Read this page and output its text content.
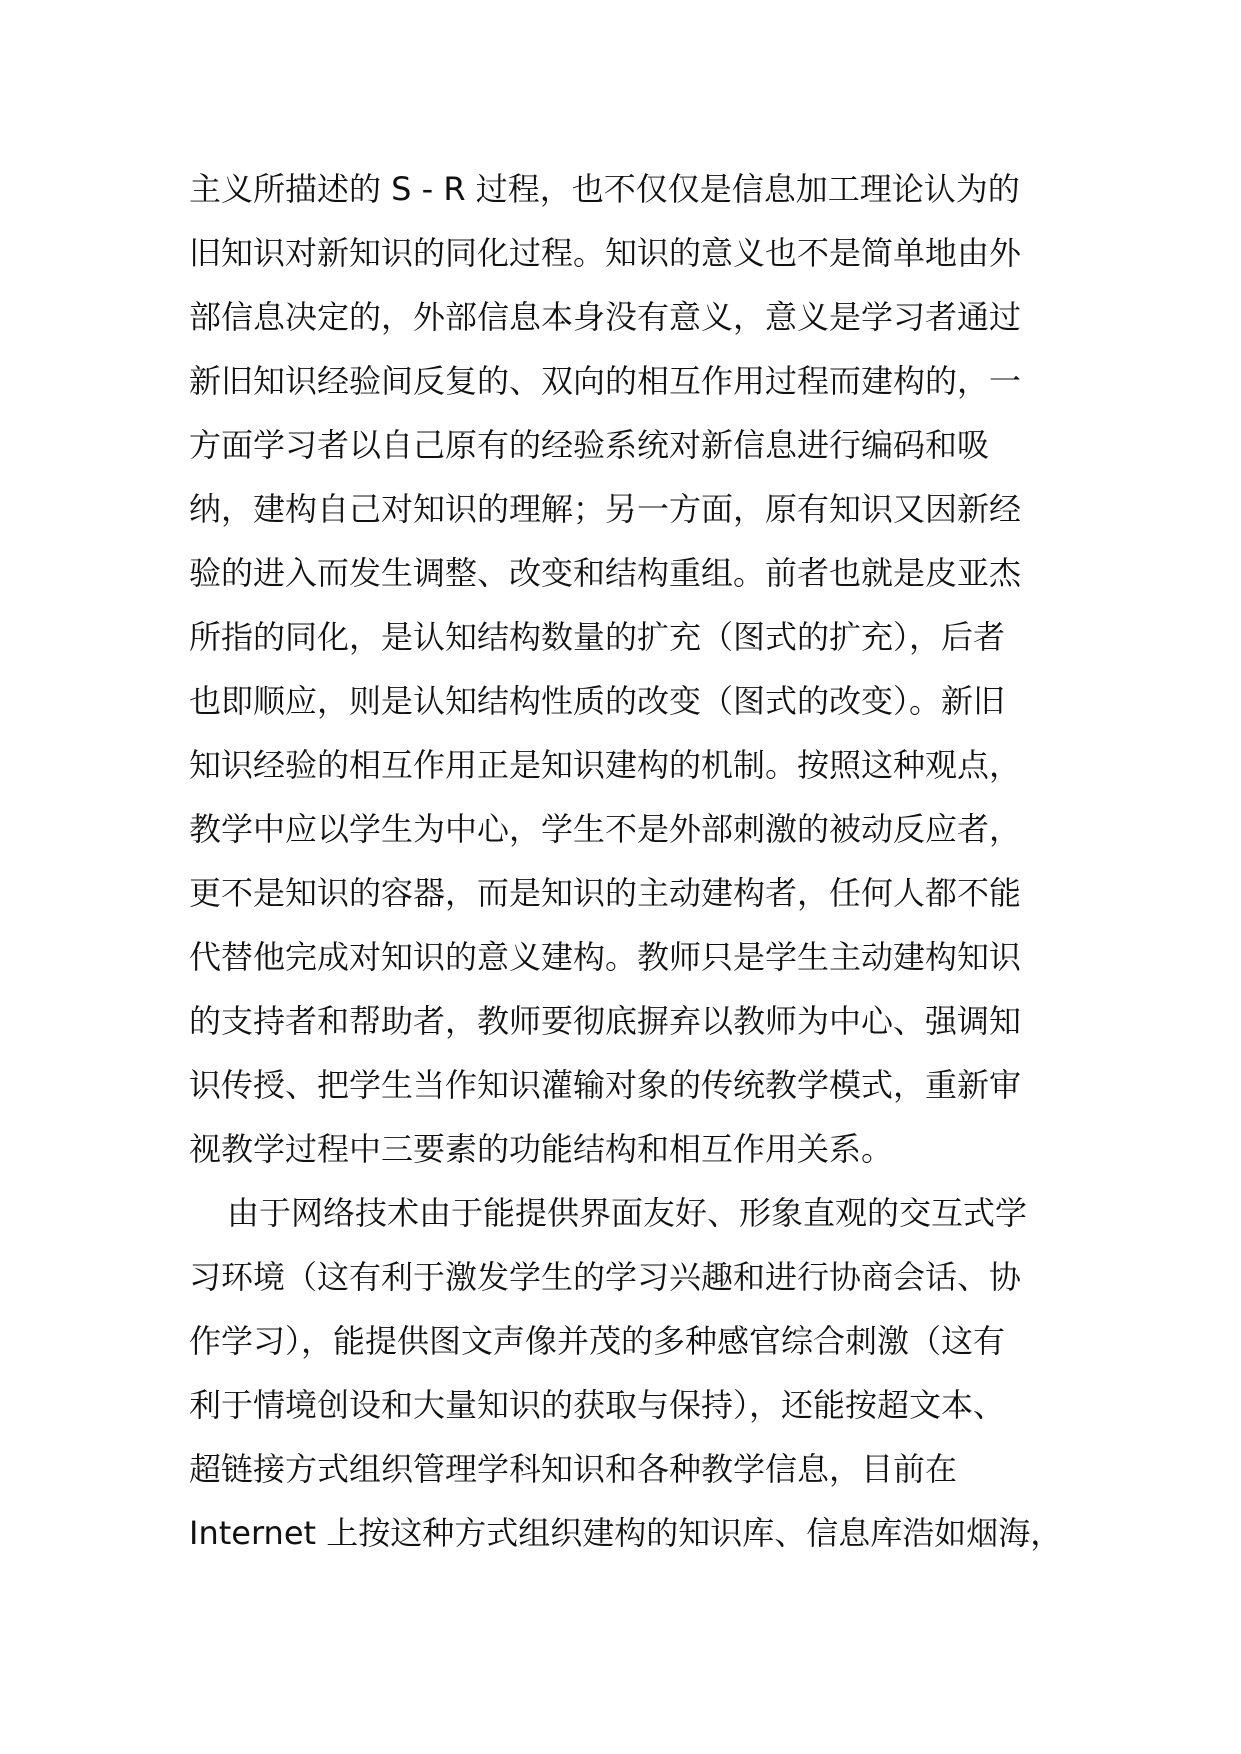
主义所描述的 S - R 过程，也不仅仅是信息加工理论认为的
旧知识对新知识的同化过程。知识的意义也不是简单地由外
部信息决定的，外部信息本身没有意义，意义是学习者通过
新旧知识经验间反复的、双向的相互作用过程而建构的，一
方面学习者以自己原有的经验系统对新信息进行编码和吸
纳，建构自己对知识的理解；另一方面，原有知识又因新经
验的进入而发生调整、改变和结构重组。前者也就是皮亚杰
所指的同化，是认知结构数量的扩充（图式的扩充），后者
也即顺应，则是认知结构性质的改变（图式的改变）。新旧
知识经验的相互作用正是知识建构的机制。按照这种观点，
教学中应以学生为中心，学生不是外部刺激的被动反应者，
更不是知识的容器，而是知识的主动建构者，任何人都不能
代替他完成对知识的意义建构。教师只是学生主动建构知识
的支持者和帮助者，教师要彻底摒弃以教师为中心、强调知
识传授、把学生当作知识灌输对象的传统教学模式，重新审
视教学过程中三要素的功能结构和相互作用关系。
由于网络技术由于能提供界面友好、形象直观的交互式学
习环境（这有利于激发学生的学习兴趣和进行协商会话、协
作学习），能提供图文声像并茂的多种感官综合刺激（这有
利于情境创设和大量知识的获取与保持），还能按超文本、
超链接方式组织管理学科知识和各种教学信息，目前在
Internet 上按这种方式组织建构的知识库、信息库浩如烟海，
